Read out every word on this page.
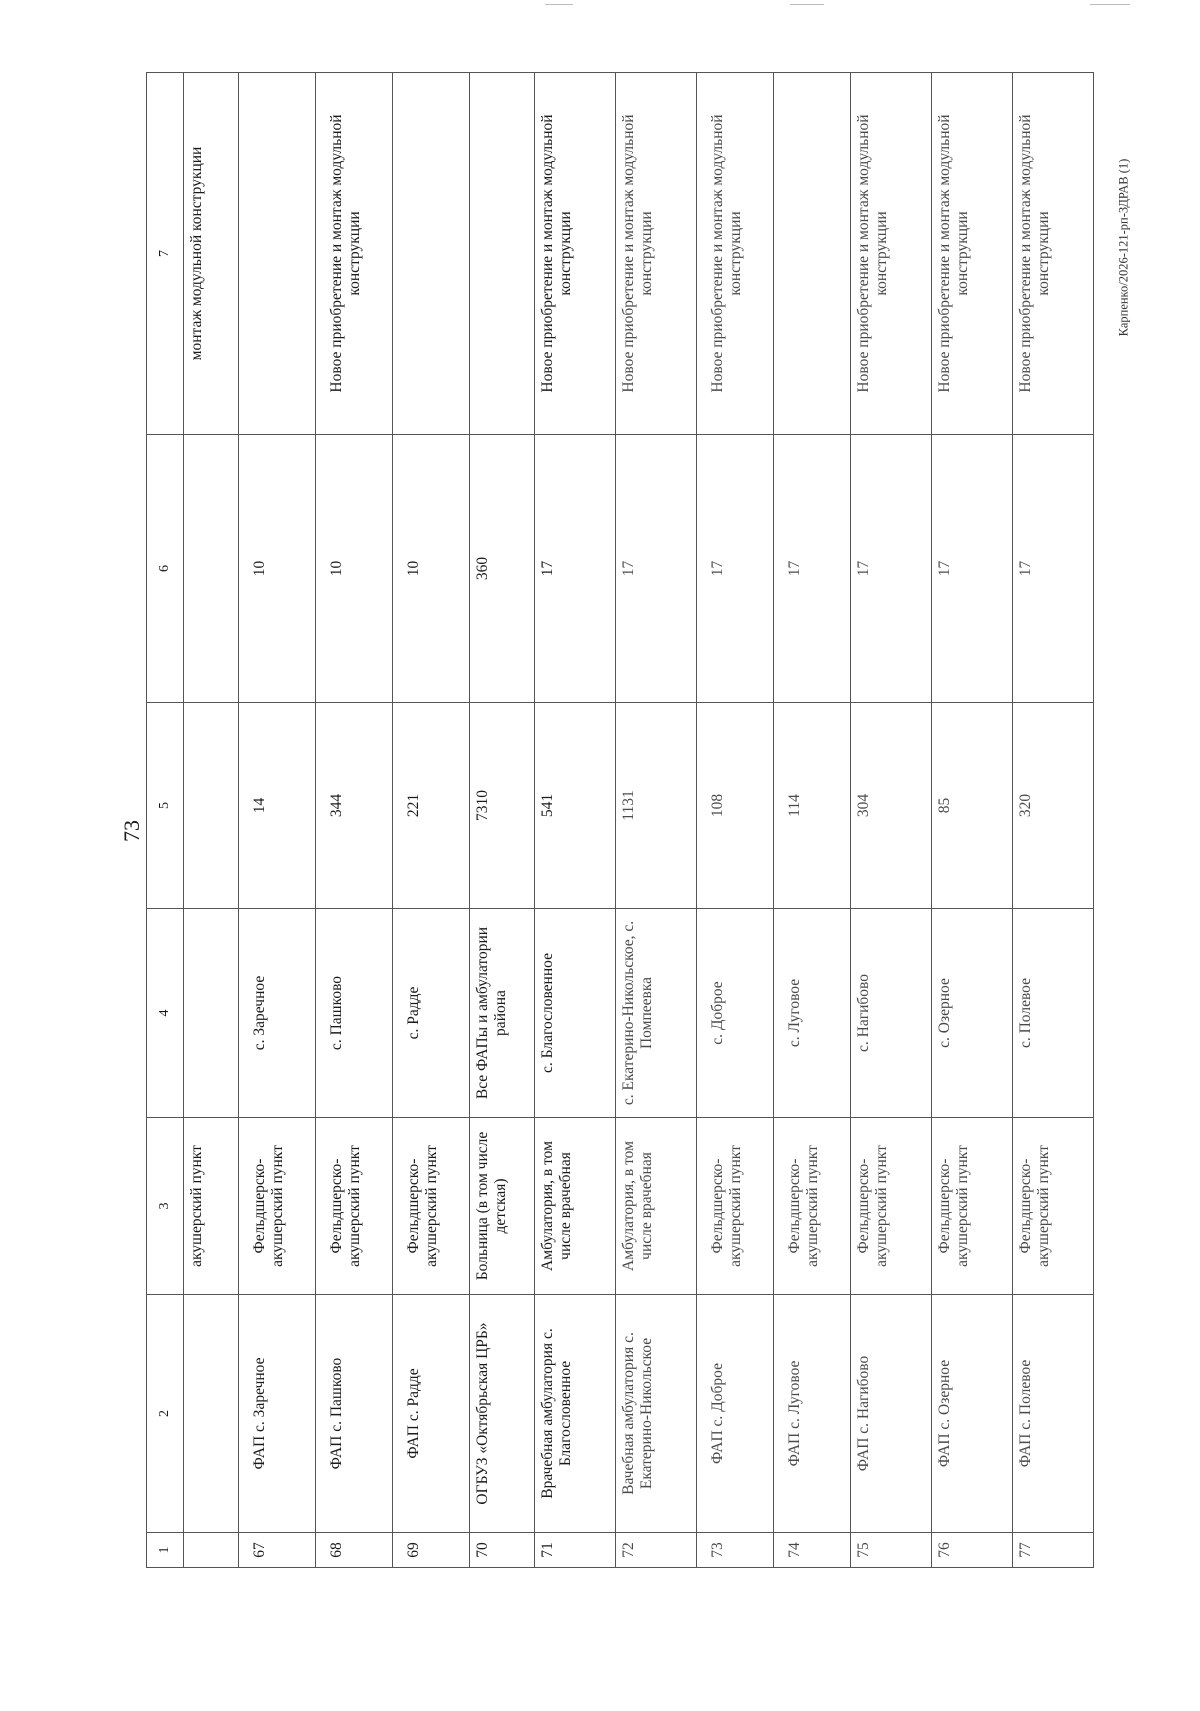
73
Карпенко/2026-121-рп-ЗДРАВ (1)
1	2	3	4	5	6	7
		акушерский пункт				монтаж модульной конструкции
67	ФАП с. Заречное	Фельдшерско-акушерский пункт	с. Заречное	14	10	
68	ФАП с. Пашково	Фельдшерско-акушерский пункт	с. Пашково	344	10	Новое приобретение и монтаж модульной конструкции
69	ФАП с. Радде	Фельдшерско-акушерский пункт	с. Радде	221	10	
70	ОГБУЗ «Октябрьская ЦРБ»	Больница (в том числе детская)	Все ФАПы и амбулатории района	7310	360	
71	Врачебная амбулатория с. Благословенное	Амбулатория, в том числе врачебная	с. Благословенное	541	17	Новое приобретение и монтаж модульной конструкции
72	Вачебная амбулатория с. Екатерино-Никольское	Амбулатория, в том числе врачебная	с. Екатерино-Никольское, с. Помпеевка	1131	17	Новое приобретение и монтаж модульной конструкции
73	ФАП с. Доброе	Фельдшерско-акушерский пункт	с. Доброе	108	17	Новое приобретение и монтаж модульной конструкции
74	ФАП с. Луговое	Фельдшерско-акушерский пункт	с. Луговое	114	17	
75	ФАП с. Нагибово	Фельдшерско-акушерский пункт	с. Нагибово	304	17	Новое приобретение и монтаж модульной конструкции
76	ФАП с. Озерное	Фельдшерско-акушерский пункт	с. Озерное	85	17	Новое приобретение и монтаж модульной конструкции
77	ФАП с. Полевое	Фельдшерско-акушерский пункт	с. Полевое	320	17	Новое приобретение и монтаж модульной конструкции
